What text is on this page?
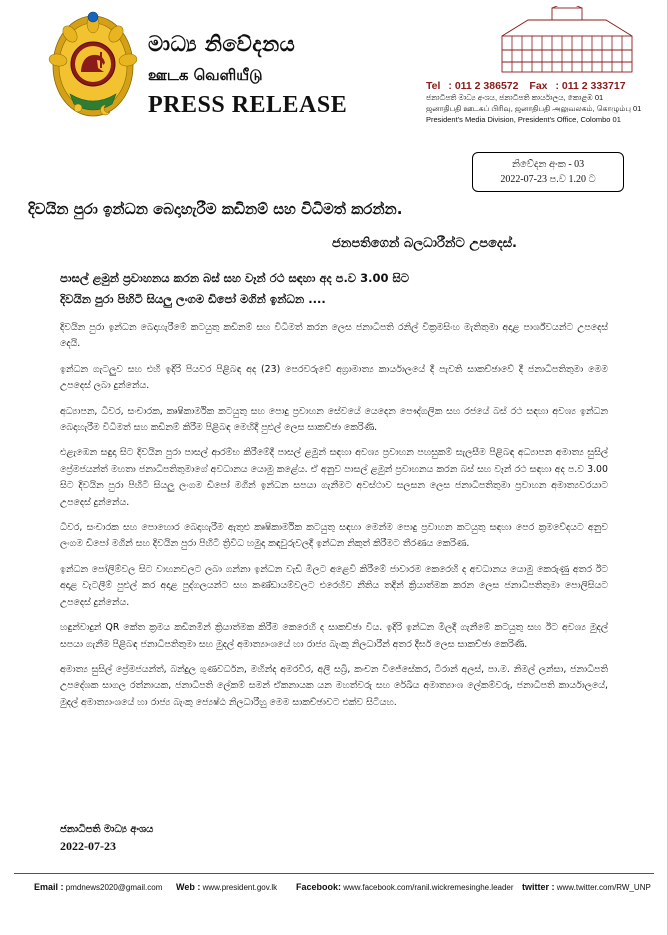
මාධ්‍ය නිවේදනය
ஊடக வெளியீடு
PRESS RELEASE
Tel : 011 2 386572 Fax : 011 2 333717
ජනාධිපති මාධ්‍ය අංශය, ජනාධිපති කාර්යාලය, කොළඹ 01
ஜனாதிபதி ஊடகப் பிரிவு, ஜனாதிபதி அலுவலகம், கொழும்பு 01
President's Media Division, President's Office, Colombo 01
නිවේදන අංක - 03
2022-07-23 ප.ව 1.20 ට
දිවයින පුරා ඉන්ධන බෙදාහැරීම කඩිනම් සහ විධිමත් කරන්න.
ජනපතිගෙන් බලධාරීන්ට උපදෙස්.
පාසල් ළමුන් ප්‍රවාහනය කරන බස් සහ වෑන් රථ සඳහා අද ප.ව 3.00 සිට
දිවයින පුරා පිහිටි සියලු ලංගම ඩිපෝ මගින් ඉන්ධන ....

දිවයින පුරා ඉන්ධන බෙදාහැරීමේ කටයුතු කඩිනම් සහ විධිමත් කරන ලෙස ජනාධිපති රනිල් වික්‍රමසිංහ මැතිතුමා අදාළ පාර්ශ්වයන්ට උපදෙස් දෙයි.

ඉන්ධන ගැටලුව සහ එහි ඉදිරි පියවර පිළිබඳ අද (23) පෙරවරුවේ අග්‍රාමාත්‍ය කාර්යාලයේ දී පැවති සාකච්ඡාවේ දී ජනාධිපතිතුමා මෙම උපදෙස් ලබා දුන්නේය.

අධ්‍යාපන, ධීවර, සංචාරක, කෘෂිකාර්මික කටයුතු සහ පොදු ප්‍රවාහන සේවයේ යෙදෙන පෞද්ගලික සහ රජයේ බස් රථ සඳහා අවශ්‍ය ඉන්ධන බෙදාහැරීම විධිමත් සහ කඩිනම් කිරීම පිළිබඳ මෙහිදී පුළුල් ලෙස සාකච්ඡා කෙරිණි.

එළැඹෙන සඳුදා සිට දිවයින පුරා පාසල් ආරම්භ කිරීමේදී පාසල් ළමුන් සඳහා අවශ්‍ය ප්‍රවාහන පහසුකම් සැලසීම පිළිබඳ අධ්‍යාපන අමාත්‍ය සුසිල් ප්‍රේමජයන්ත් මහතා ජනාධිපතිතුමාගේ අවධානය යොමු කළේය. ඒ අනුව පාසල් ළමුන් ප්‍රවාහනය කරන බස් සහ වෑන් රථ සඳහා අද ප.ව 3.00 සිට දිවයින පුරා පිහිටි සියලු ලංගම ඩිපෝ මගින් ඉන්ධන සපයා ගැනීමට අවස්ථාව සලසන ලෙස ජනාධිපතිතුමා ප්‍රවාහන අමාත්‍යවරයාට උපදෙස් දුන්නේය.

ධීවර, සංචාරක සහ පොහොර බෙදාහැරීම ඇතුළු කෘෂිකාර්මික කටයුතු සඳහා මෙන්ම පොදු ප්‍රවාහන කටයුතු සඳහා පෙර ක්‍රමවේදයට අනුව ලංගම ඩිපෝ මගින් සහ දිවයින පුරා පිහිටි ත්‍රිවිධ හමුදා කඳවුරුවලදී ඉන්ධන නිකුත් කිරීමට තීරණය කෙරිණ.

ඉන්ධන පෝලිම්වල සිට වාහනවලට ලබා ගන්නා ඉන්ධන වැඩි මිලට අළෙවි කිරීමේ ජාවාරම කෙරෙහි ද අවධානය යොමු කෙරුණු අතර ඊට අදාළ වැටලීම් පුළුල් කර අදාළ පුද්ගලයන්ට සහ කණ්ඩායම්වලට එරෙහිව නීතිය තදින් ක්‍රියාත්මක කරන ලෙස ජනාධිපතිතුමා පොලිසියට උපදෙස් දුන්නේය.

හඳුන්වාදුන් QR කේත ක්‍රමය කඩිනමින් ක්‍රියාත්මක කිරීම කෙරෙහි ද සාකච්ඡා විය. ඉදිරි ඉන්ධන මිලදී ගැනීමේ කටයුතු සහ ඊට අවශ්‍ය මුදල් සපයා ගැනීම පිළිබඳ ජනාධිපතිතුමා සහ මුදල් අමාත්‍යාංශයේ හා රාජ්‍ය බැංකු නිලධාරීන් අතර දීර්ඝ ලෙස සාකච්ඡා කෙරිණි.

අමාත්‍ය සුසිල් ප්‍රේමජයන්ත්, බන්දුල ගුණවර්ධන, මහින්ද අමරවීර, අලී සබ්‍රි, කංචන විජේසේකර, ටිරාන් අලස්, පා.ම. නිමල් ලන්සා, ජනාධිපති උපදේශක සාගල රත්නායක, ජනාධිපති ලේකම් සමන් ඒකනායක යන මහත්වරු සහ රේඛීය අමාත්‍යාංශ ලේකම්වරු, ජනාධිපති කාර්යාලයේ, මුදල් අමාත්‍යාංශයේ හා රාජ්‍ය බැංකු ජ්‍යෙෂ්ඨ නිලධාරීහු මෙම සාකච්ඡාවට එක්ව සිටියහ.

ජනාධිපති මාධ්‍ය අංශය
2022-07-23
Email : pmdnews2020@gmail.com Web : www.president.gov.lk Facebook: www.facebook.com/ranil.wickremesinghe.leader twitter : www.twitter.com/RW_UNP
